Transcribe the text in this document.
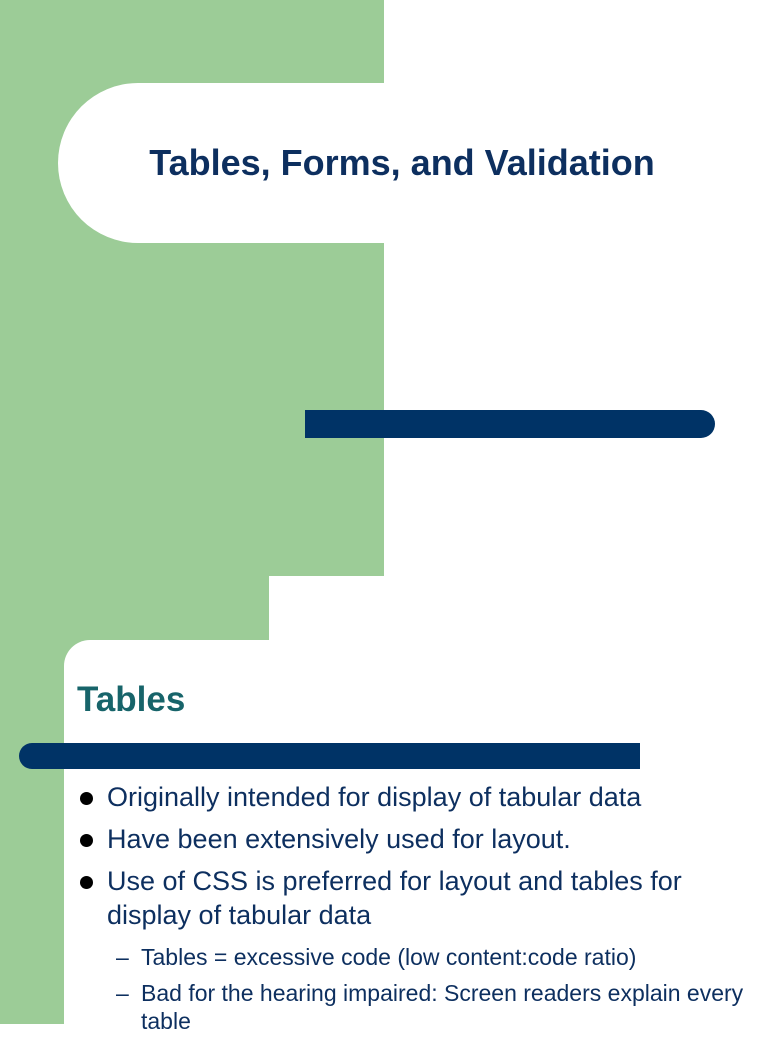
Tables, Forms, and Validation
Tables
Originally intended for display of tabular data
Have been extensively used for layout.
Use of CSS is preferred for layout and tables for display of tabular data
– Tables = excessive code (low content:code ratio)
– Bad for the hearing impaired: Screen readers explain every table
